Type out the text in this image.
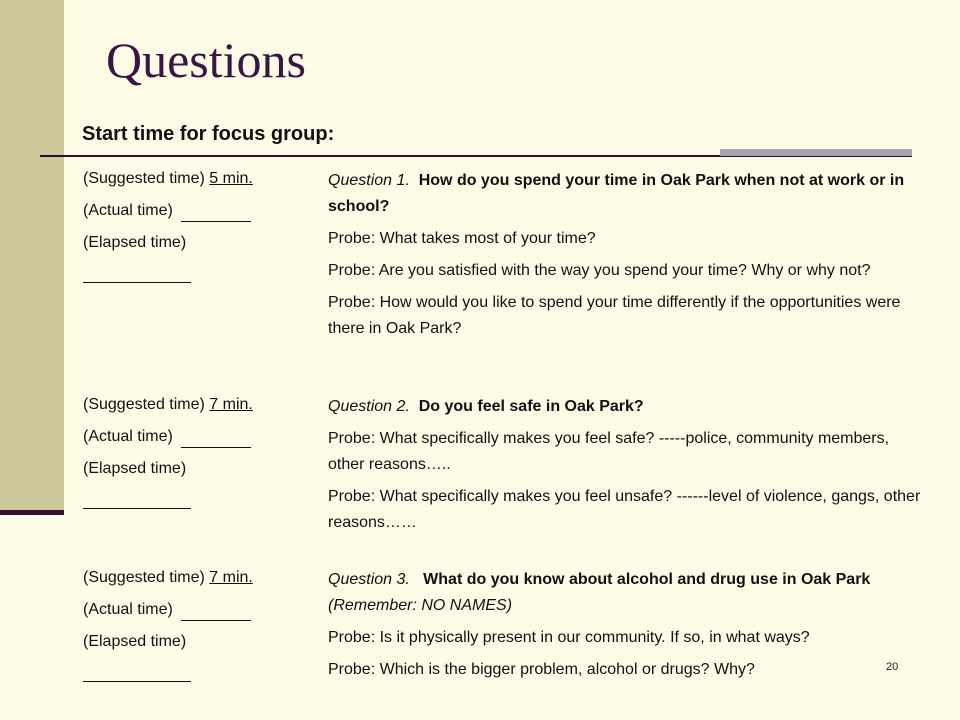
Questions

Start time for focus group:

(Suggested time) 5 min.
(Actual time)
(Elapsed time)

Question 1. How do you spend your time in Oak Park when not at work or in school?

Probe: What takes most of your time?

Probe: Are you satisfied with the way you spend your time? Why or why not?

Probe: How would you like to spend your time differently if the opportunities were there in Oak Park?

(Suggested time) 7 min.
(Actual time)
(Elapsed time)

Question 2. Do you feel safe in Oak Park?

Probe: What specifically makes you feel safe? -----police, community members, other reasons…..

Probe: What specifically makes you feel unsafe? ------level of violence, gangs, other reasons……

(Suggested time) 7 min.
(Actual time)
(Elapsed time)

Question 3. What do you know about alcohol and drug use in Oak Park (Remember: NO NAMES)

Probe: Is it physically present in our community. If so, in what ways?

Probe: Which is the bigger problem, alcohol or drugs? Why?	20
